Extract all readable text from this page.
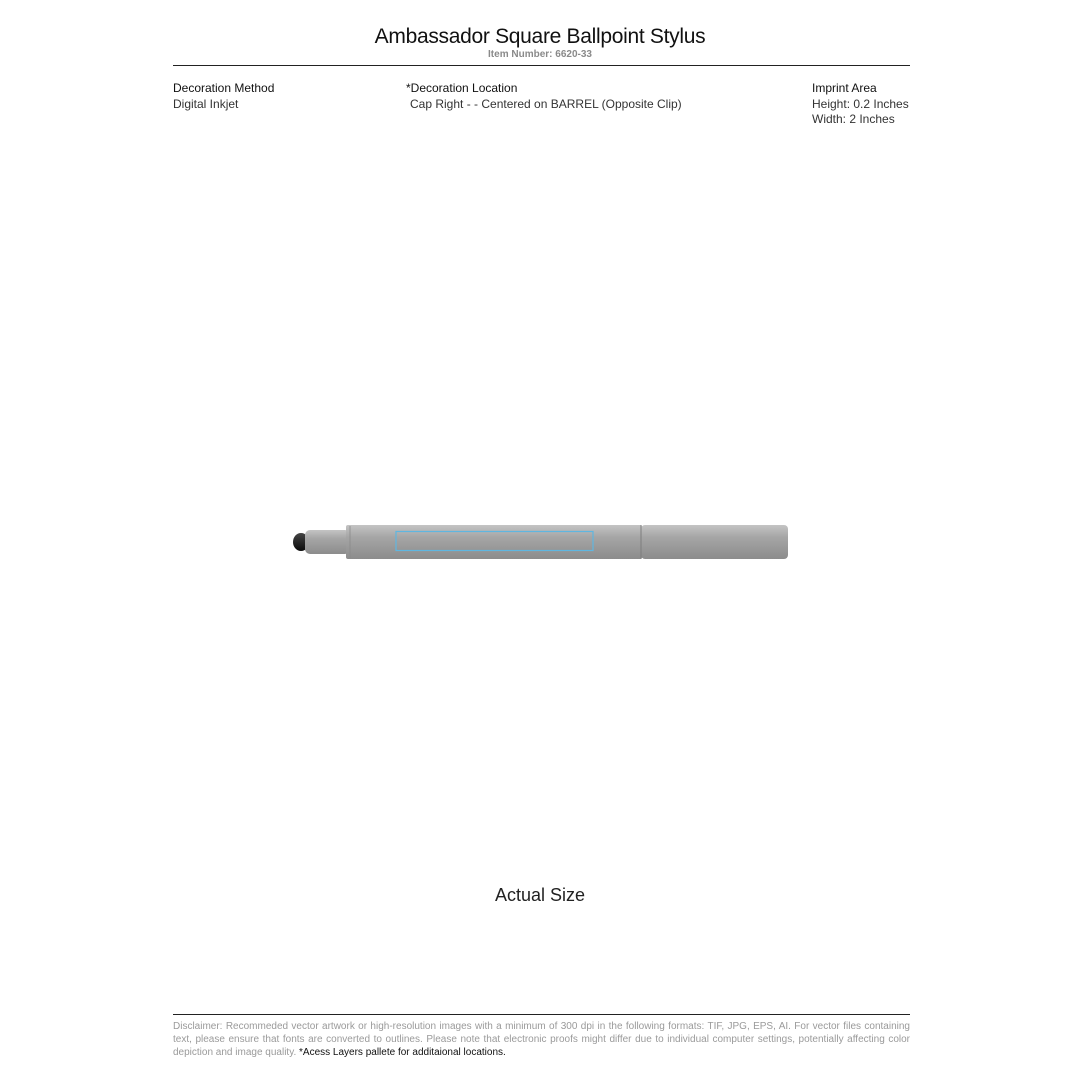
Ambassador Square Ballpoint Stylus
Item Number: 6620-33
Decoration Method
Digital Inkjet
*Decoration Location
Cap Right - - Centered on BARREL (Opposite Clip)
Imprint Area
Height: 0.2 Inches
Width: 2 Inches
Actual Size
Disclaimer: Recommeded vector artwork or high-resolution images with a minimum of 300 dpi in the following formats: TIF, JPG, EPS, AI. For vector files containing text, please ensure that fonts are converted to outlines. Please note that electronic proofs might differ due to individual computer settings, potentially affecting color depiction and image quality. *Acess Layers pallete for additaional locations.
